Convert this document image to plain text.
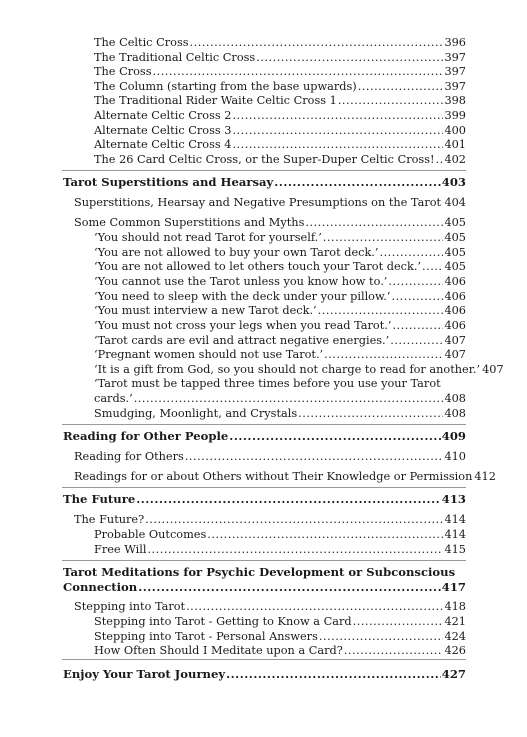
The Celtic Cross .....	396
The Traditional Celtic Cross .....	397
The Cross .....	397
The Column (starting from the base upwards) .....	397
The Traditional Rider Waite Celtic Cross 1 .....	398
Alternate Celtic Cross 2 .....	399
Alternate Celtic Cross 3 .....	400
Alternate Celtic Cross 4 .....	401
The 26 Card Celtic Cross, or the Super-Duper Celtic Cross! ..... 402
Tarot Superstitions and Hearsay .....	403
Superstitions, Hearsay and Negative Presumptions on the Tarot ..... 404
Some Common Superstitions and Myths .....	405
‘You should not read Tarot for yourself.’ .....	405
‘You are not allowed to buy your own Tarot deck.’ .....	405
‘You are not allowed to let others touch your Tarot deck.’ ..... 405
‘You cannot use the Tarot unless you know how to.’ .....	406
‘You need to sleep with the deck under your pillow.’ .....	406
‘You must interview a new Tarot deck.’ .....	406
‘You must not cross your legs when you read Tarot.’ .....	406
‘Tarot cards are evil and attract negative energies.’ .....	407
‘Pregnant women should not use Tarot.’ .....	407
‘It is a gift from God, so you should not charge to read for another.’ 407
‘Tarot must be tapped three times before you use your Tarot
cards.’ .....	408
Smudging, Moonlight, and Crystals .....	408
Reading for Other People .....	409
Reading for Others .....	410
Readings for or about Others without Their Knowledge or Permission 412
The Future .....	413
The Future? .....	414
Probable Outcomes .....	414
Free Will .....	415
Tarot Meditations for Psychic Development or Subconscious
Connection .....	417
Stepping into Tarot .....	418
Stepping into Tarot - Getting to Know a Card .....	421
Stepping into Tarot - Personal Answers .....	424
How Often Should I Meditate upon a Card? .....	426
Enjoy Your Tarot Journey .....	427
